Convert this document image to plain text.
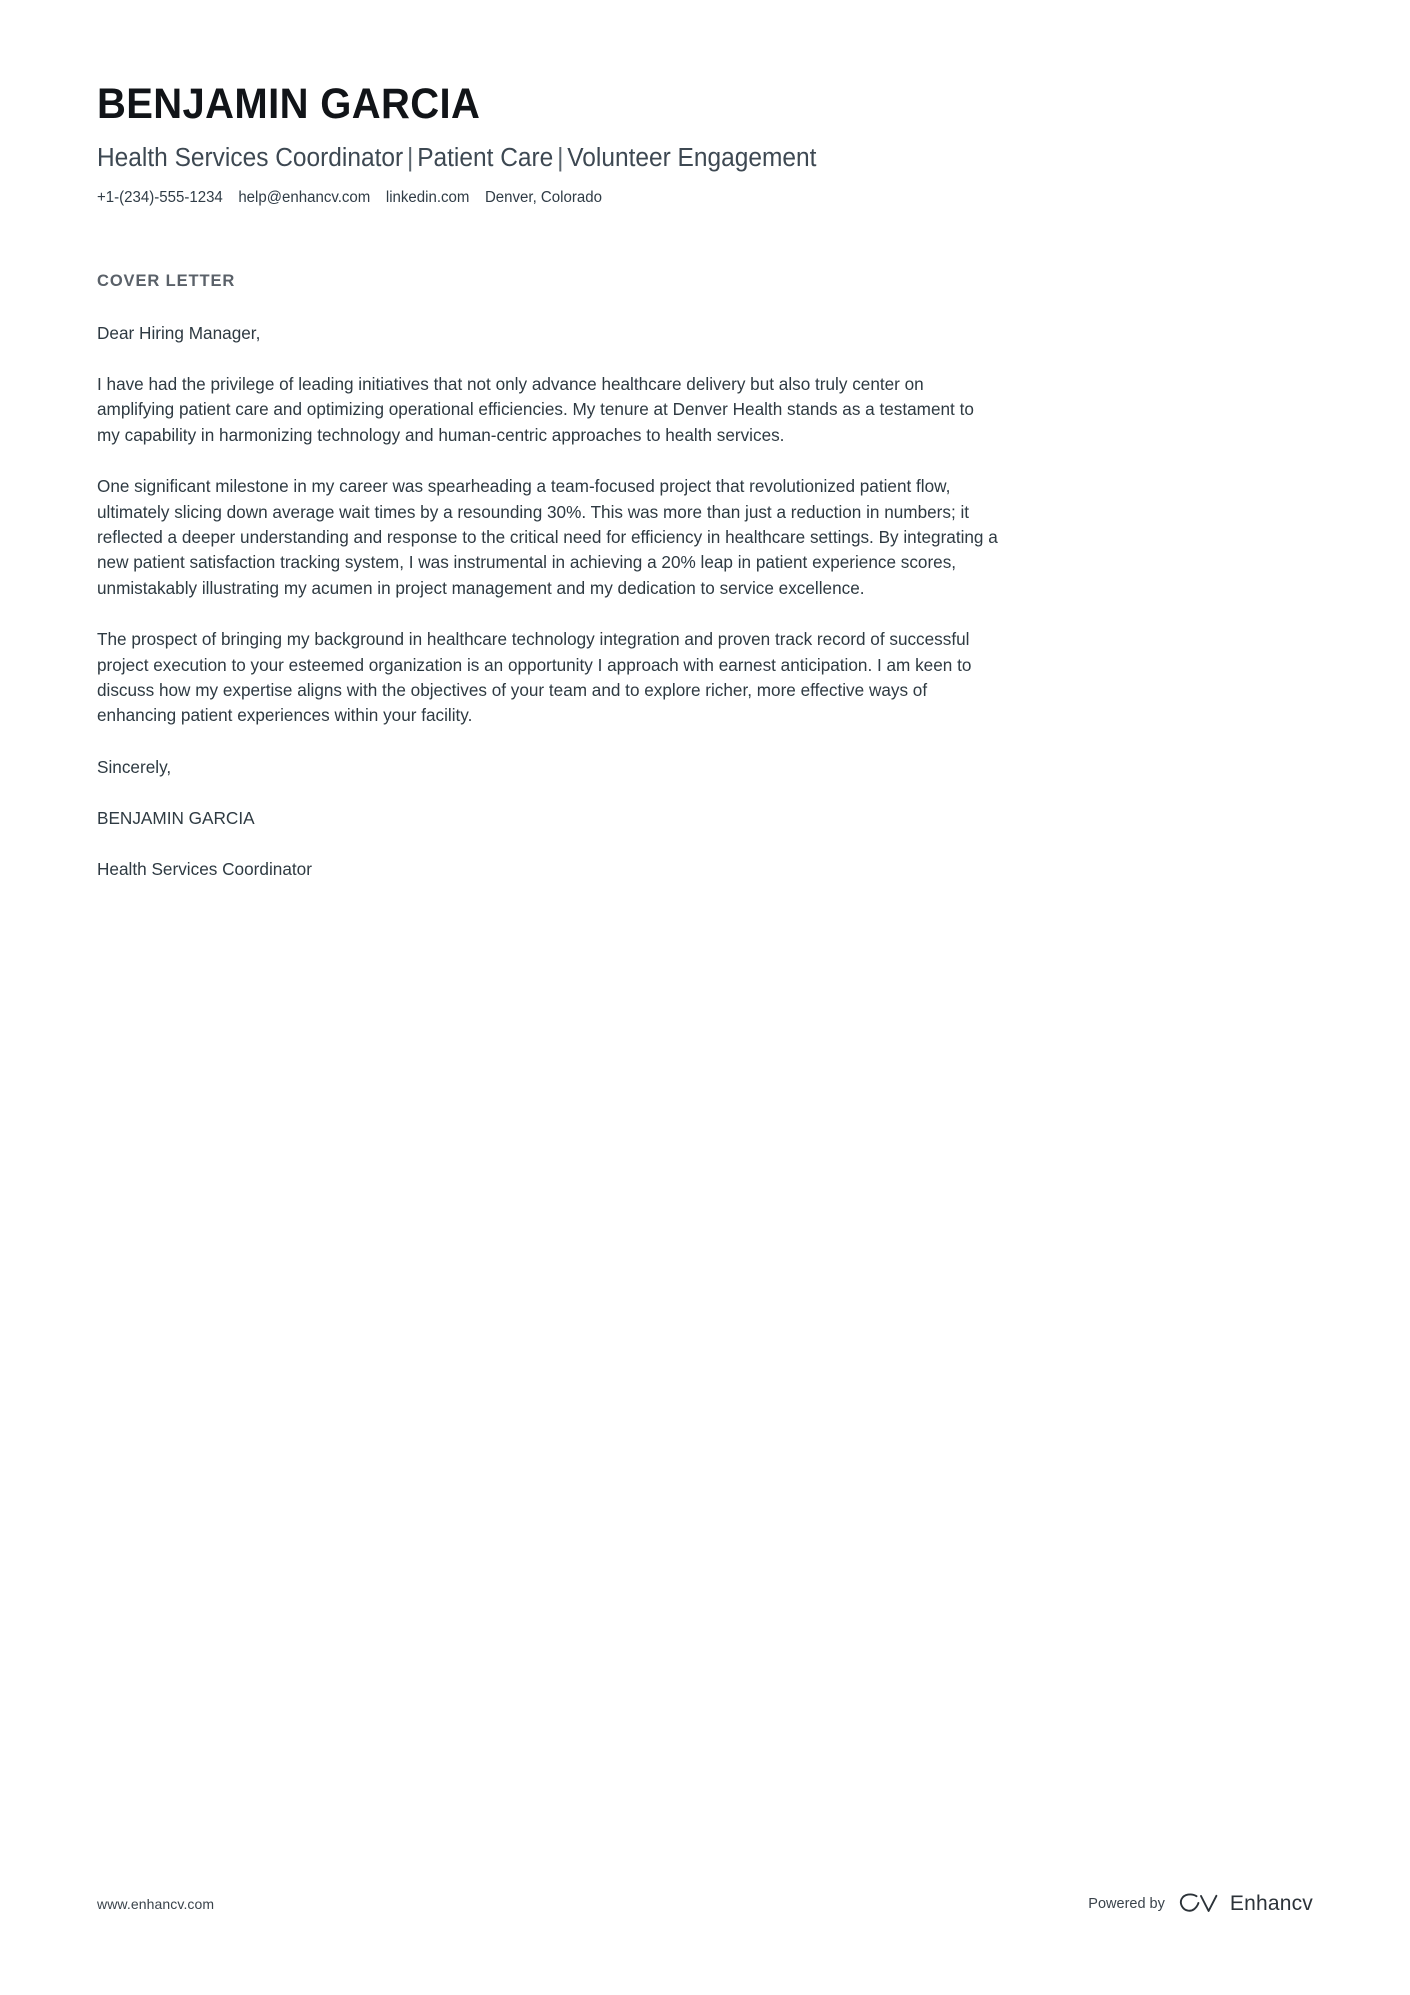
BENJAMIN GARCIA
Health Services Coordinator | Patient Care | Volunteer Engagement
+1-(234)-555-1234 help@enhancv.com linkedin.com Denver, Colorado
COVER LETTER

Dear Hiring Manager,

I have had the privilege of leading initiatives that not only advance healthcare delivery but also truly center on amplifying patient care and optimizing operational efficiencies. My tenure at Denver Health stands as a testament to my capability in harmonizing technology and human-centric approaches to health services.

One significant milestone in my career was spearheading a team-focused project that revolutionized patient flow, ultimately slicing down average wait times by a resounding 30%. This was more than just a reduction in numbers; it reflected a deeper understanding and response to the critical need for efficiency in healthcare settings. By integrating a new patient satisfaction tracking system, I was instrumental in achieving a 20% leap in patient experience scores, unmistakably illustrating my acumen in project management and my dedication to service excellence.

The prospect of bringing my background in healthcare technology integration and proven track record of successful project execution to your esteemed organization is an opportunity I approach with earnest anticipation. I am keen to discuss how my expertise aligns with the objectives of your team and to explore richer, more effective ways of enhancing patient experiences within your facility.

Sincerely,

BENJAMIN GARCIA

Health Services Coordinator

www.enhancv.com	Powered by	Enhancv
